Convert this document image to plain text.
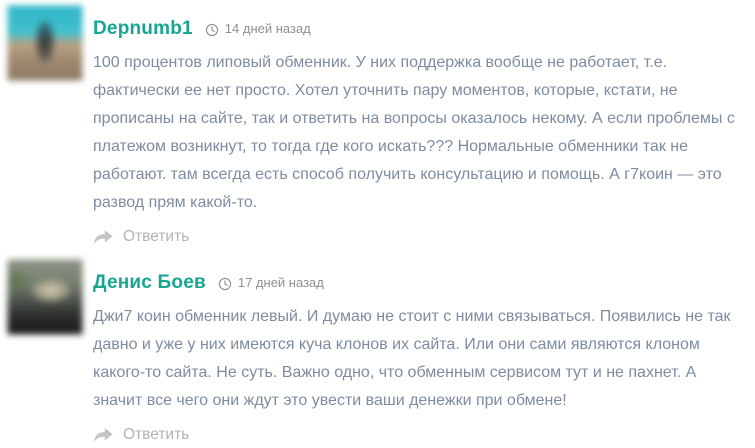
Depnumb1 14 дней назад
100 процентов липовый обменник. У них поддержка вообще не работает, т.е. фактически ее нет просто. Хотел уточнить пару моментов, которые, кстати, не прописаны на сайте, так и ответить на вопросы оказалось некому. А если проблемы с платежом возникнут, то тогда где кого искать??? Нормальные обменники так не работают. там всегда есть способ получить консультацию и помощь. А г7коин — это развод прям какой-то.
Ответить
Денис Боев 17 дней назад
Джи7 коин обменник левый. И думаю не стоит с ними связываться. Появились не так давно и уже у них имеются куча клонов их сайта. Или они сами являются клоном какого-то сайта. Не суть. Важно одно, что обменным сервисом тут и не пахнет. А значит все чего они ждут это увести ваши денежки при обмене!
Ответить
